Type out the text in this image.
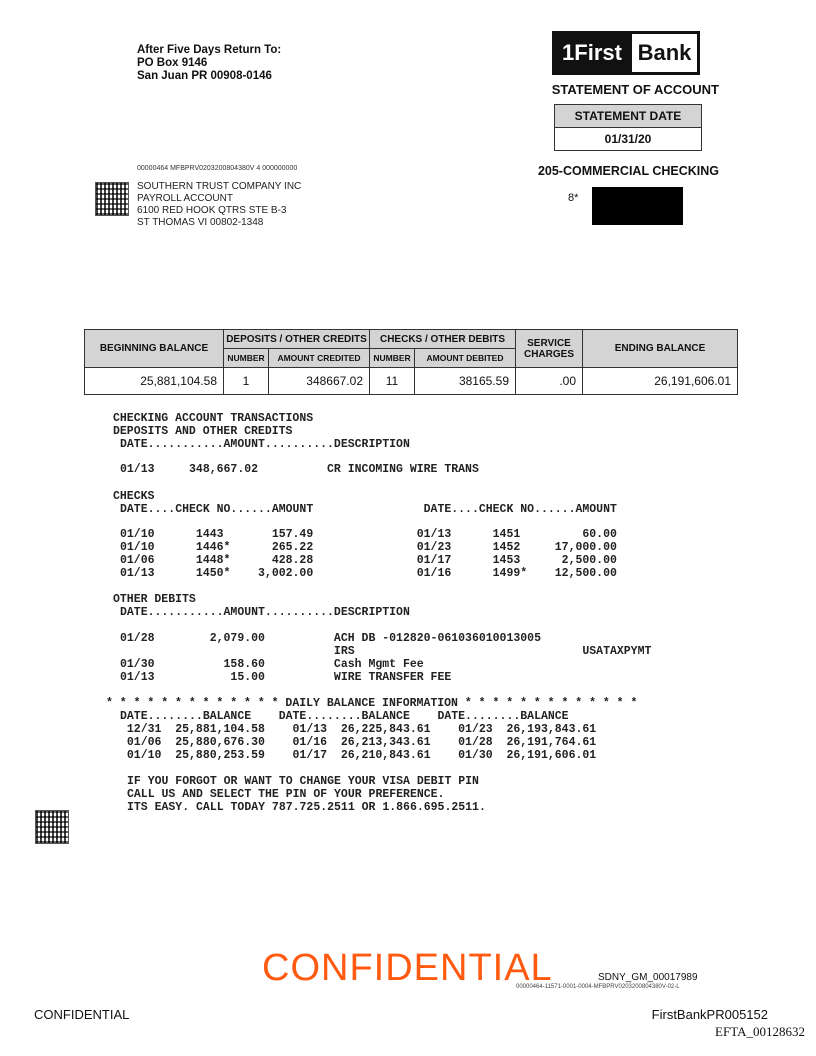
After Five Days Return To:
PO Box 9146
San Juan PR 00908-0146
1 First Bank
STATEMENT OF ACCOUNT
STATEMENT DATE
01/31/20
205-COMMERCIAL CHECKING
8*
00000464 MFBPRV0203200804380V 4 000000000
SOUTHERN TRUST COMPANY INC
PAYROLL ACCOUNT
6100 RED HOOK QTRS STE B-3
ST THOMAS VI 00802-1348
BEGINNING BALANCE	DEPOSITS / OTHER CREDITS		CHECKS / OTHER DEBITS		SERVICE CHARGES	ENDING BALANCE
	NUMBER	AMOUNT CREDITED	NUMBER	AMOUNT DEBITED		
25,881,104.58	1	348667.02	11	38165.59	.00	26,191,606.01
CHECKING ACCOUNT TRANSACTIONS
DEPOSITS AND OTHER CREDITS
DATE...........AMOUNT..........DESCRIPTION
01/13     348,667.02          CR INCOMING WIRE TRANS
CHECKS
DATE....CHECK NO......AMOUNT                DATE....CHECK NO......AMOUNT
01/10      1443       157.49               01/13      1451         60.00
01/10      1446*      265.22               01/23      1452     17,000.00
01/06      1448*      428.28               01/17      1453      2,500.00
01/13      1450*    3,002.00               01/16      1499*    12,500.00
OTHER DEBITS
DATE...........AMOUNT..........DESCRIPTION
01/28        2,079.00          ACH DB -012820-061036010013005
IRS                                 USATAXPYMT
01/30          158.60          Cash Mgmt Fee
01/13           15.00          WIRE TRANSFER FEE
* * * * * * * * * * * * * DAILY BALANCE INFORMATION * * * * * * * * * * * * *
DATE........BALANCE    DATE........BALANCE    DATE........BALANCE
12/31  25,881,104.58    01/13  26,225,843.61    01/23  26,193,843.61
01/06  25,880,676.30    01/16  26,213,343.61    01/28  26,191,764.61
01/10  25,880,253.59    01/17  26,210,843.61    01/30  26,191,606.01
IF YOU FORGOT OR WANT TO CHANGE YOUR VISA DEBIT PIN
CALL US AND SELECT THE PIN OF YOUR PREFERENCE.
ITS EASY. CALL TODAY 787.725.2511 OR 1.866.695.2511.
CONFIDENTIAL	SDNY_GM_00017989
00000464-11571-0001-0004-MFBPRV0203200804380V-02-L
CONFIDENTIAL	FirstBankPR005152
EFTA_00128632
